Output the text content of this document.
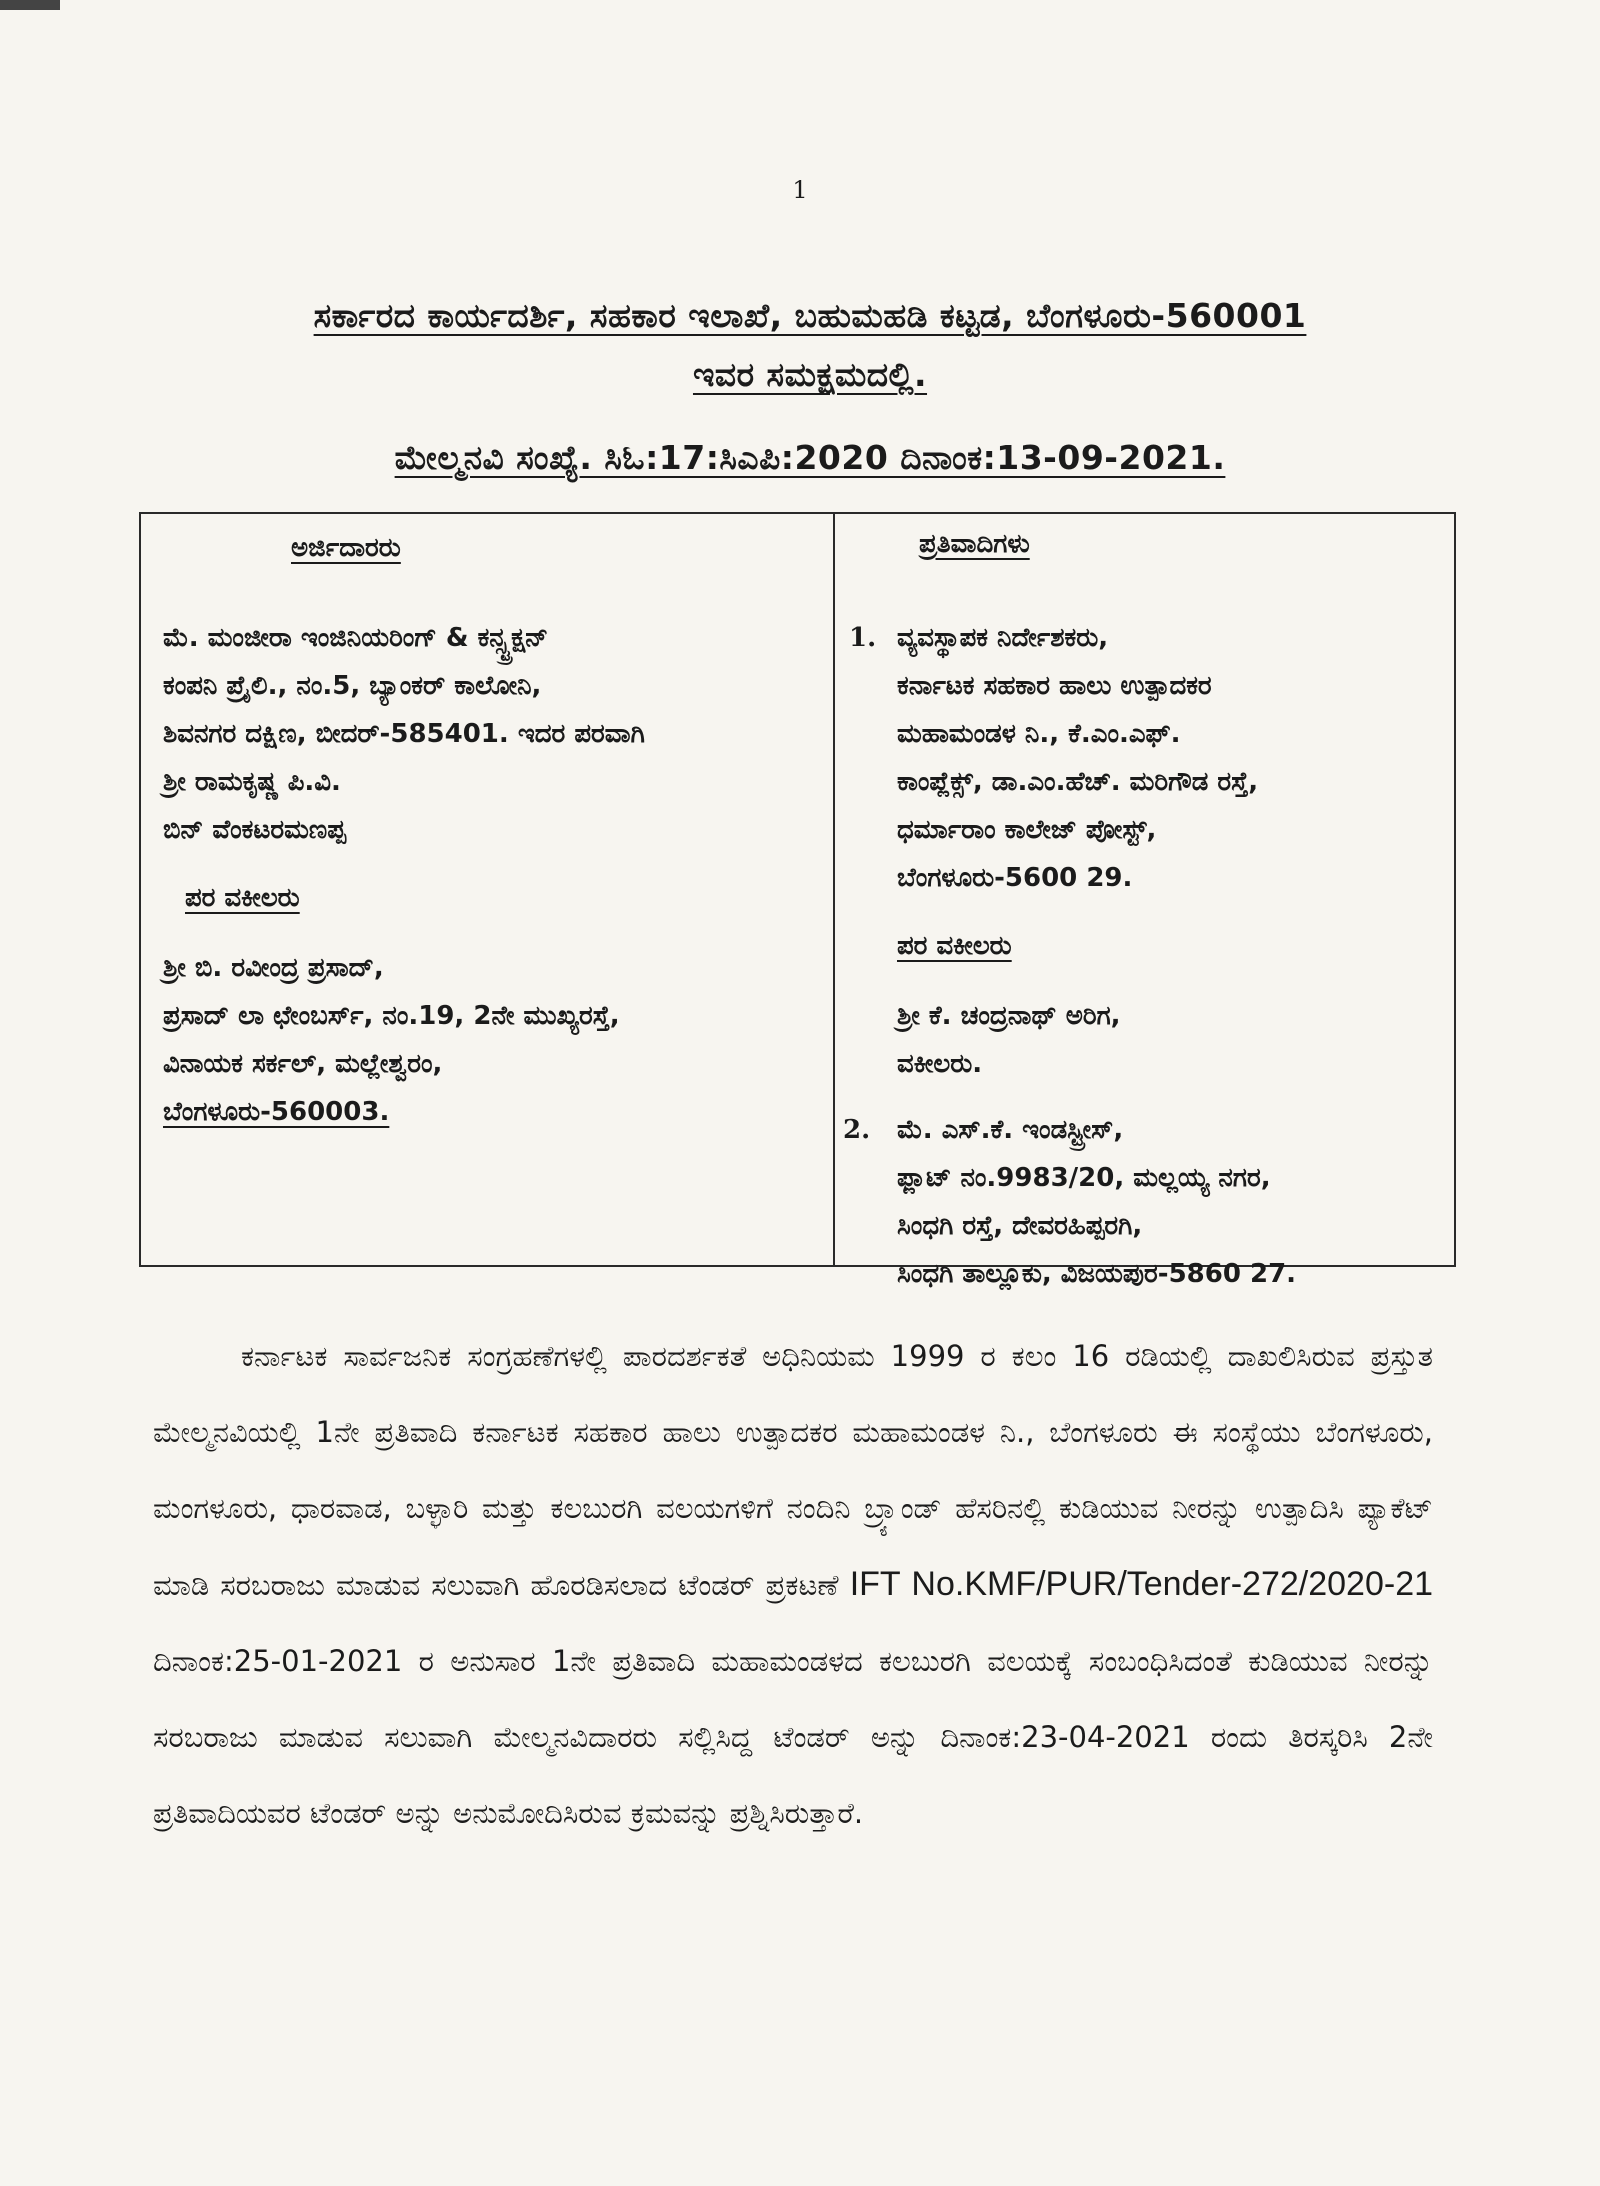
1
ಸರ್ಕಾರದ ಕಾರ್ಯದರ್ಶಿ, ಸಹಕಾರ ಇಲಾಖೆ, ಬಹುಮಹಡಿ ಕಟ್ಟಡ, ಬೆಂಗಳೂರು-560001
ಇವರ ಸಮಕ್ಷಮದಲ್ಲಿ.
ಮೇಲ್ಮನವಿ ಸಂಖ್ಯೆ. ಸಿಓ:17:ಸಿಎಪಿ:2020 ದಿನಾಂಕ:13-09-2021.
ಅರ್ಜಿದಾರರು
ಮೆ. ಮಂಜೀರಾ ಇಂಜಿನಿಯರಿಂಗ್ & ಕನ್ಸ್ಟ್ರಕ್ಷನ್
ಕಂಪನಿ ಪ್ರೈಲಿ., ನಂ.5, ಬ್ಯಾಂಕರ್ ಕಾಲೋನಿ,
ಶಿವನಗರ ದಕ್ಷಿಣ, ಬೀದರ್-585401. ಇದರ ಪರವಾಗಿ
ಶ್ರೀ ರಾಮಕೃಷ್ಣ ಪಿ.ವಿ.
ಬಿನ್ ವೆಂಕಟರಮಣಪ್ಪ
ಪರ ವಕೀಲರು
ಶ್ರೀ ಬಿ. ರವೀಂದ್ರ ಪ್ರಸಾದ್,
ಪ್ರಸಾದ್ ಲಾ ಛೇಂಬರ್ಸ್, ನಂ.19, 2ನೇ ಮುಖ್ಯರಸ್ತೆ,
ವಿನಾಯಕ ಸರ್ಕಲ್, ಮಲ್ಲೇಶ್ವರಂ,
ಬೆಂಗಳೂರು-560003.
ಪ್ರತಿವಾದಿಗಳು
1. ವ್ಯವಸ್ಥಾಪಕ ನಿರ್ದೇಶಕರು,
ಕರ್ನಾಟಕ ಸಹಕಾರ ಹಾಲು ಉತ್ಪಾದಕರ
ಮಹಾಮಂಡಳ ನಿ., ಕೆ.ಎಂ.ಎಫ್.
ಕಾಂಪ್ಲೆಕ್ಸ್, ಡಾ.ಎಂ.ಹೆಚ್. ಮರಿಗೌಡ ರಸ್ತೆ,
ಧರ್ಮಾರಾಂ ಕಾಲೇಜ್ ಪೋಸ್ಟ್,
ಬೆಂಗಳೂರು-5600 29.
ಪರ ವಕೀಲರು
ಶ್ರೀ ಕೆ. ಚಂದ್ರನಾಥ್ ಅರಿಗ,
ವಕೀಲರು.
2. ಮೆ. ಎಸ್.ಕೆ. ಇಂಡಸ್ಟ್ರೀಸ್,
ಫ್ಲಾಟ್ ನಂ.9983/20, ಮಲ್ಲಯ್ಯ ನಗರ,
ಸಿಂಧಗಿ ರಸ್ತೆ, ದೇವರಹಿಪ್ಪರಗಿ,
ಸಿಂಧಗಿ ತಾಲ್ಲೂಕು, ವಿಜಯಪುರ-5860 27.
ಕರ್ನಾಟಕ ಸಾರ್ವಜನಿಕ ಸಂಗ್ರಹಣೆಗಳಲ್ಲಿ ಪಾರದರ್ಶಕತೆ ಅಧಿನಿಯಮ 1999 ರ ಕಲಂ 16 ರಡಿಯಲ್ಲಿ ದಾಖಲಿಸಿರುವ ಪ್ರಸ್ತುತ ಮೇಲ್ಮನವಿಯಲ್ಲಿ 1ನೇ ಪ್ರತಿವಾದಿ ಕರ್ನಾಟಕ ಸಹಕಾರ ಹಾಲು ಉತ್ಪಾದಕರ ಮಹಾಮಂಡಳ ನಿ., ಬೆಂಗಳೂರು ಈ ಸಂಸ್ಥೆಯು ಬೆಂಗಳೂರು, ಮಂಗಳೂರು, ಧಾರವಾಡ, ಬಳ್ಳಾರಿ ಮತ್ತು ಕಲಬುರಗಿ ವಲಯಗಳಿಗೆ ನಂದಿನಿ ಬ್ರ್ಯಾಂಡ್ ಹೆಸರಿನಲ್ಲಿ ಕುಡಿಯುವ ನೀರನ್ನು ಉತ್ಪಾದಿಸಿ ಪ್ಯಾಕೆಟ್ ಮಾಡಿ ಸರಬರಾಜು ಮಾಡುವ ಸಲುವಾಗಿ ಹೊರಡಿಸಲಾದ ಟೆಂಡರ್ ಪ್ರಕಟಣೆ IFT No.KMF/PUR/Tender-272/2020-21 ದಿನಾಂಕ:25-01-2021 ರ ಅನುಸಾರ 1ನೇ ಪ್ರತಿವಾದಿ ಮಹಾಮಂಡಳದ ಕಲಬುರಗಿ ವಲಯಕ್ಕೆ ಸಂಬಂಧಿಸಿದಂತೆ ಕುಡಿಯುವ ನೀರನ್ನು ಸರಬರಾಜು ಮಾಡುವ ಸಲುವಾಗಿ ಮೇಲ್ಮನವಿದಾರರು ಸಲ್ಲಿಸಿದ್ದ ಟೆಂಡರ್ ಅನ್ನು ದಿನಾಂಕ:23-04-2021 ರಂದು ತಿರಸ್ಕರಿಸಿ 2ನೇ ಪ್ರತಿವಾದಿಯವರ ಟೆಂಡರ್ ಅನ್ನು ಅನುಮೋದಿಸಿರುವ ಕ್ರಮವನ್ನು ಪ್ರಶ್ನಿಸಿರುತ್ತಾರೆ.
